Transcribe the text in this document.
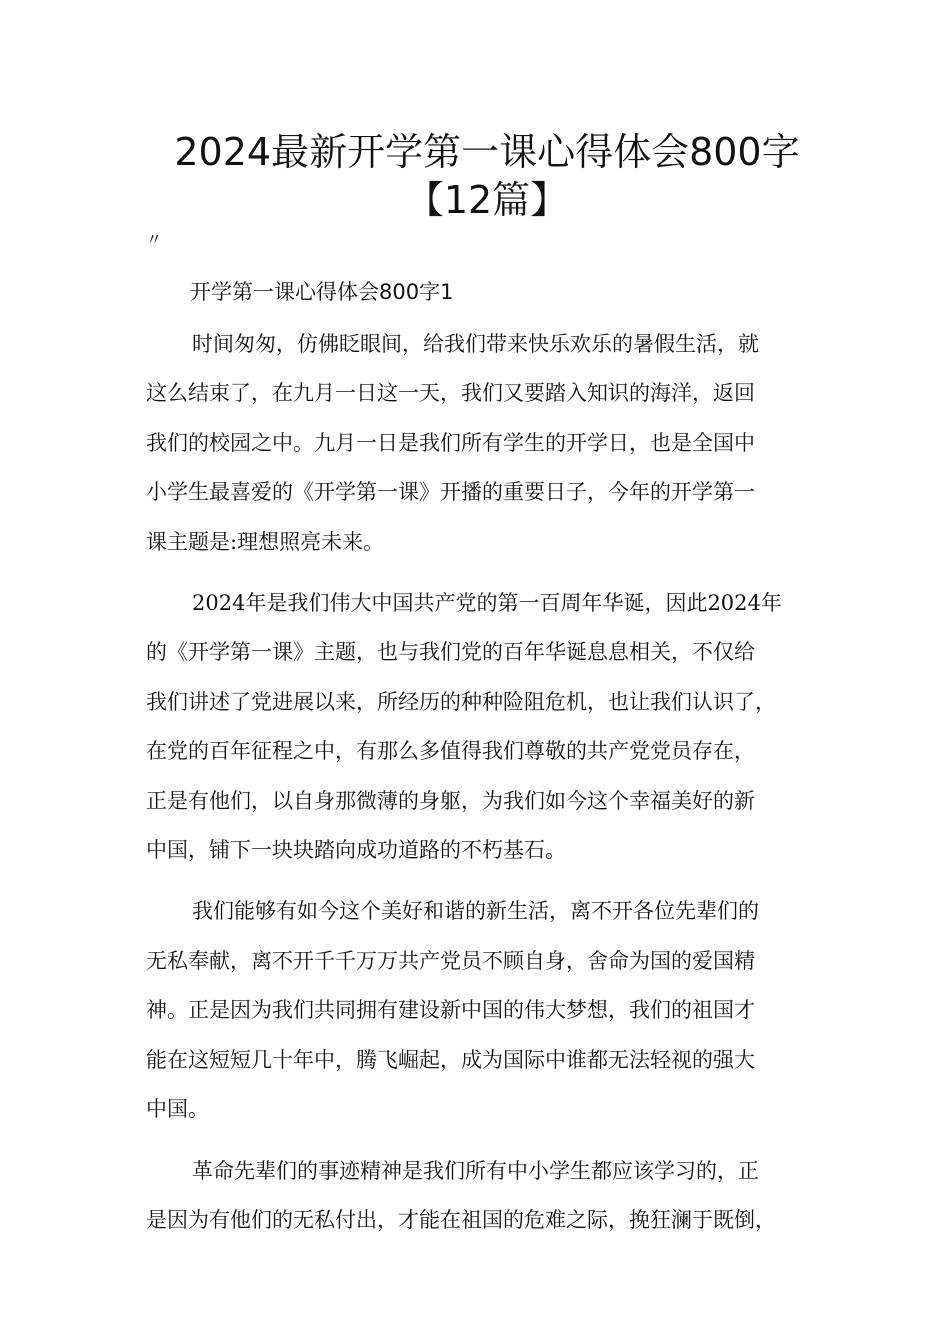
2024最新开学第一课心得体会800字
【12篇】
〃
开学第一课心得体会800字1

时间匆匆，仿佛眨眼间，给我们带来快乐欢乐的暑假生活，就
这么结束了，在九月一日这一天，我们又要踏入知识的海洋，返回
我们的校园之中。九月一日是我们所有学生的开学日，也是全国中
小学生最喜爱的《开学第一课》开播的重要日子，今年的开学第一
课主题是:理想照亮未来。

2024年是我们伟大中国共产党的第一百周年华诞，因此2024年
的《开学第一课》主题，也与我们党的百年华诞息息相关，不仅给
我们讲述了党进展以来，所经历的种种险阻危机，也让我们认识了，
在党的百年征程之中，有那么多值得我们尊敬的共产党党员存在，
正是有他们，以自身那微薄的身躯，为我们如今这个幸福美好的新
中国，铺下一块块踏向成功道路的不朽基石。

我们能够有如今这个美好和谐的新生活，离不开各位先辈们的
无私奉献，离不开千千万万共产党员不顾自身，舍命为国的爱国精
神。正是因为我们共同拥有建设新中国的伟大梦想，我们的祖国才
能在这短短几十年中，腾飞崛起，成为国际中谁都无法轻视的强大
中国。

革命先辈们的事迹精神是我们所有中小学生都应该学习的，正
是因为有他们的无私付出，才能在祖国的危难之际，挽狂澜于既倒，
